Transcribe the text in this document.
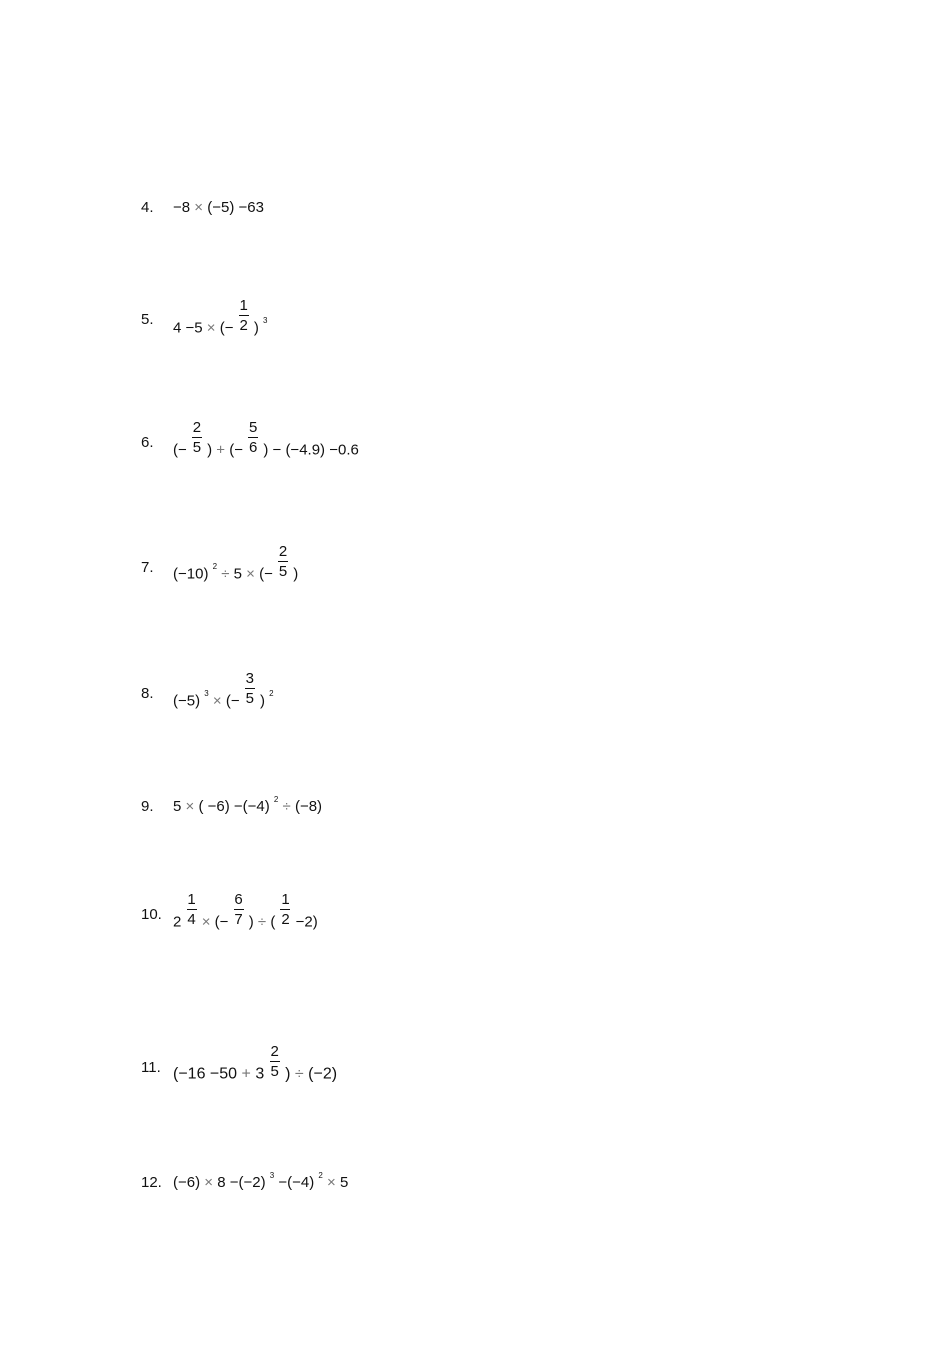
4. −8 × (−5) −63
5. 4 −5 × (− $\frac{1}{2}$ ) $^3$
6. (− $\frac{2}{5}$ ) + (− $\frac{5}{6}$ ) − (−4.9) −0.6
7. (−10) $^2$ ÷ 5 × (− $\frac{2}{5}$ )
8. (−5) $^3$ × (− $\frac{3}{5}$ ) $^2$
9. 5 × ( −6) −(−4) $^2$ ÷ (−8)
10. $2 \frac{1}{4}$ × (− $\frac{6}{7}$ ) ÷ ( $\frac{1}{2} -2$)
11. ($-16 -50 + 3 \frac{2}{5}$ ) ÷ (−2)
12. (−6) × 8 −(−2) $^3$ −(−4) $^2$ × 5
